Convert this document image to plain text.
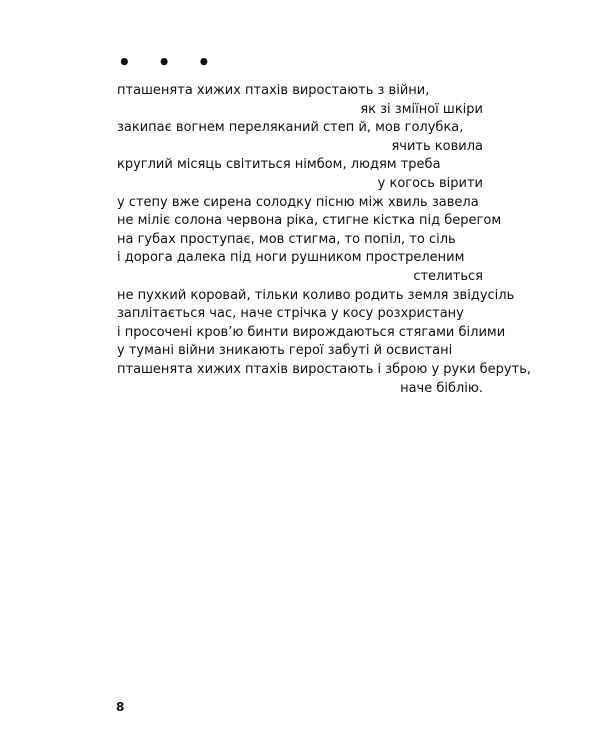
• • •
пташенята хижих птахів виростають з війни,
як зі зміїної шкіри
закипає вогнем переляканий степ й, мов голубка,
ячить ковила
круглий місяць світиться німбом, людям треба
у когось вірити
у степу вже сирена солодку пісню між хвиль завела
не міліє солона червона ріка, стигне кістка під берегом
на губах проступає, мов стигма, то попіл, то сіль
і дорога далека під ноги рушником простреленим
стелиться
не пухкий коровай, тільки коливо родить земля звідусіль
заплітається час, наче стрічка у косу розхристану
і просочені кров’ю бинти вирождаються стягами білими
у тумані війни зникають герої забуті й освистані
пташенята хижих птахів виростають і зброю у руки беруть,
наче біблію.
8
